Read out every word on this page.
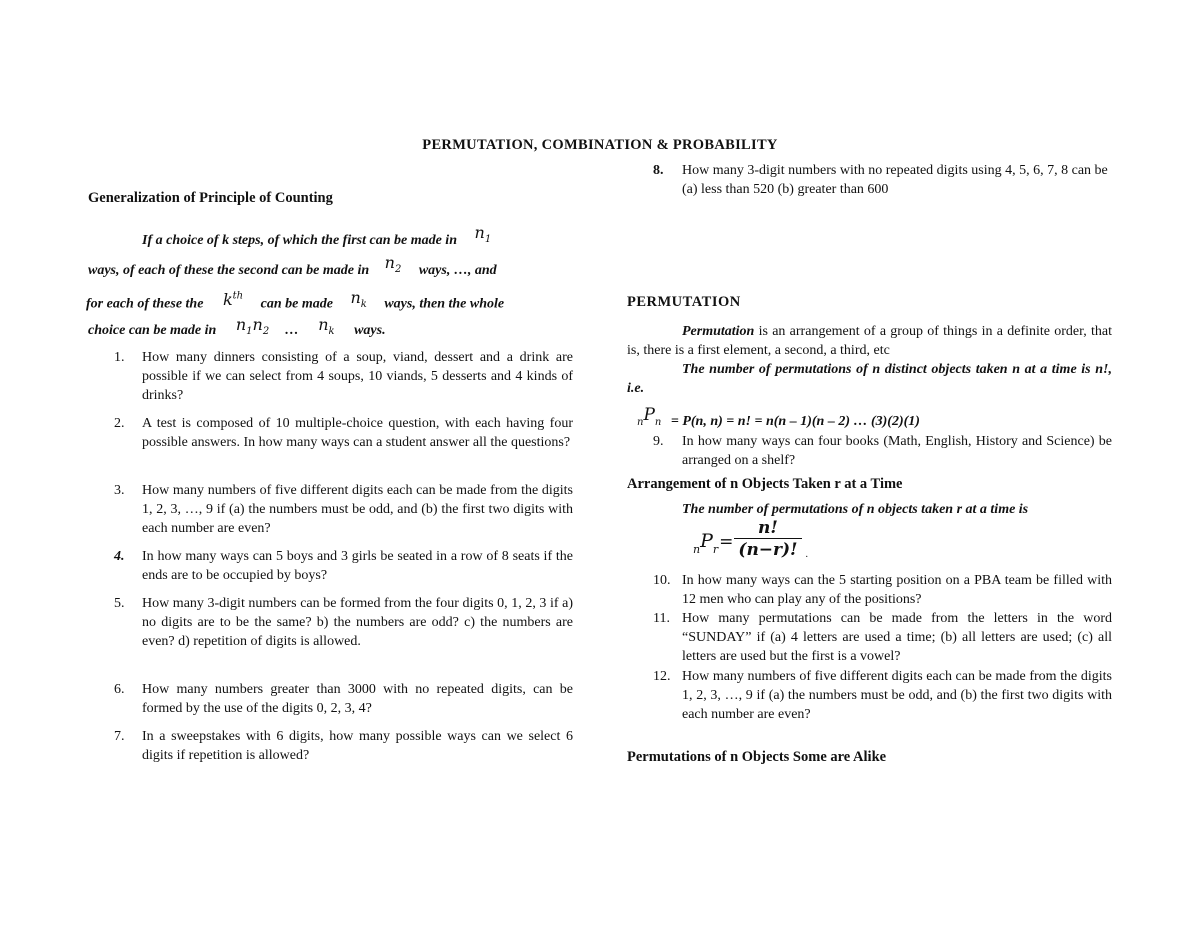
PERMUTATION, COMBINATION & PROBABILITY
Generalization of Principle of Counting
If a choice of k steps, of which the first can be made in $n_1$
ways, of each of these the second can be made in $n_2$ ways, …, and
for each of these the $k^{th}$ can be made $n_k$ ways, then the whole
choice can be made in $n_1n_2$ … $n_k$ ways.
1.	How many dinners consisting of a soup, viand, dessert and a drink are possible if we can select from 4 soups, 10 viands, 5 desserts and 4 kinds of drinks?
2.	A test is composed of 10 multiple-choice question, with each having four possible answers. In how many ways can a student answer all the questions?
3.	How many numbers of five different digits each can be made from the digits 1, 2, 3, …, 9 if (a) the numbers must be odd, and (b) the first two digits with each number are even?
4.	In how many ways can 5 boys and 3 girls be seated in a row of 8 seats if the ends are to be occupied by boys?
5.	How many 3-digit numbers can be formed from the four digits 0, 1, 2, 3 if a) no digits are to be the same? b) the numbers are odd? c) the numbers are even? d) repetition of digits is allowed.
6.	How many numbers greater than 3000 with no repeated digits, can be formed by the use of the digits 0, 2, 3, 4?
7.	In a sweepstakes with 6 digits, how many possible ways can we select 6 digits if repetition is allowed?
8.	How many 3-digit numbers with no repeated digits using 4, 5, 6, 7, 8 can be (a) less than 520 (b) greater than 600
PERMUTATION
Permutation is an arrangement of a group of things in a definite order, that is, there is a first element, a second, a third, etc
The number of permutations of n distinct objects taken n at a time is n!, i.e.
nPn = P(n, n) = n! = n(n – 1)(n – 2) … (3)(2)(1)
9.	In how many ways can four books (Math, English, History and Science) be arranged on a shelf?
Arrangement of n Objects Taken r at a Time
The number of permutations of n objects taken r at a time is
$_nP_r= \frac{n!}{(n-r)!} _.$
10. In how many ways can the 5 starting position on a PBA team be filled with 12 men who can play any of the positions?
11. How many permutations can be made from the letters in the word “SUNDAY” if (a) 4 letters are used a time; (b) all letters are used; (c) all letters are used but the first is a vowel?
12. How many numbers of five different digits each can be made from the digits 1, 2, 3, …, 9 if (a) the numbers must be odd, and (b) the first two digits with each number are even?
Permutations of n Objects Some are Alike
